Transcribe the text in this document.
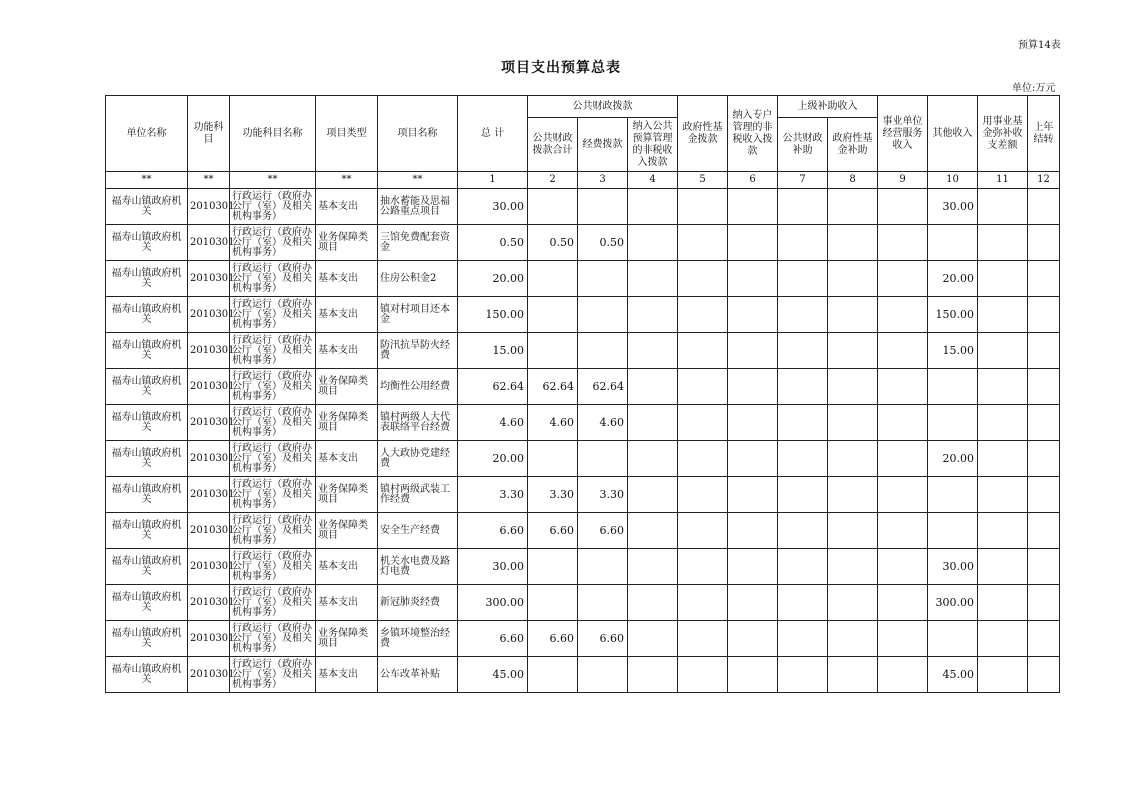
预算14表
项目支出预算总表
单位:万元
单位名称	功能科目	功能科目名称	项目类型	项目名称	总 计	公共财政拨款			政府性基金拨款	纳入专户管理的非税收入拨款	上级补助收入		事业单位经营服务收入	其他收入	用事业基金弥补收支差额	上年结转
						公共财政拨款合计	经费拨款	纳入公共预算管理的非税收入拨款			公共财政补助	政府性基金补助				
**	**	**	**	**	1	2	3	4	5	6	7	8	9	10	11	12
福寿山镇政府机关	2010301	行政运行（政府办公厅（室）及相关机构事务）	基本支出	抽水蓄能及思福公路重点项目	30.00									30.00		
福寿山镇政府机关	2010301	行政运行（政府办公厅（室）及相关机构事务）	业务保障类项目	三馆免费配套资金	0.50	0.50	0.50									
福寿山镇政府机关	2010301	行政运行（政府办公厅（室）及相关机构事务）	基本支出	住房公积金2	20.00									20.00		
福寿山镇政府机关	2010301	行政运行（政府办公厅（室）及相关机构事务）	基本支出	镇对村项目还本金	150.00									150.00		
福寿山镇政府机关	2010301	行政运行（政府办公厅（室）及相关机构事务）	基本支出	防汛抗旱防火经费	15.00									15.00		
福寿山镇政府机关	2010301	行政运行（政府办公厅（室）及相关机构事务）	业务保障类项目	均衡性公用经费	62.64	62.64	62.64									
福寿山镇政府机关	2010301	行政运行（政府办公厅（室）及相关机构事务）	业务保障类项目	镇村两级人大代表联络平台经费	4.60	4.60	4.60									
福寿山镇政府机关	2010301	行政运行（政府办公厅（室）及相关机构事务）	基本支出	人大政协党建经费	20.00									20.00		
福寿山镇政府机关	2010301	行政运行（政府办公厅（室）及相关机构事务）	业务保障类项目	镇村两级武装工作经费	3.30	3.30	3.30									
福寿山镇政府机关	2010301	行政运行（政府办公厅（室）及相关机构事务）	业务保障类项目	安全生产经费	6.60	6.60	6.60									
福寿山镇政府机关	2010301	行政运行（政府办公厅（室）及相关机构事务）	基本支出	机关水电费及路灯电费	30.00									30.00		
福寿山镇政府机关	2010301	行政运行（政府办公厅（室）及相关机构事务）	基本支出	新冠肺炎经费	300.00									300.00		
福寿山镇政府机关	2010301	行政运行（政府办公厅（室）及相关机构事务）	业务保障类项目	乡镇环境整治经费	6.60	6.60	6.60									
福寿山镇政府机关	2010301	行政运行（政府办公厅（室）及相关机构事务）	基本支出	公车改革补贴	45.00									45.00		
